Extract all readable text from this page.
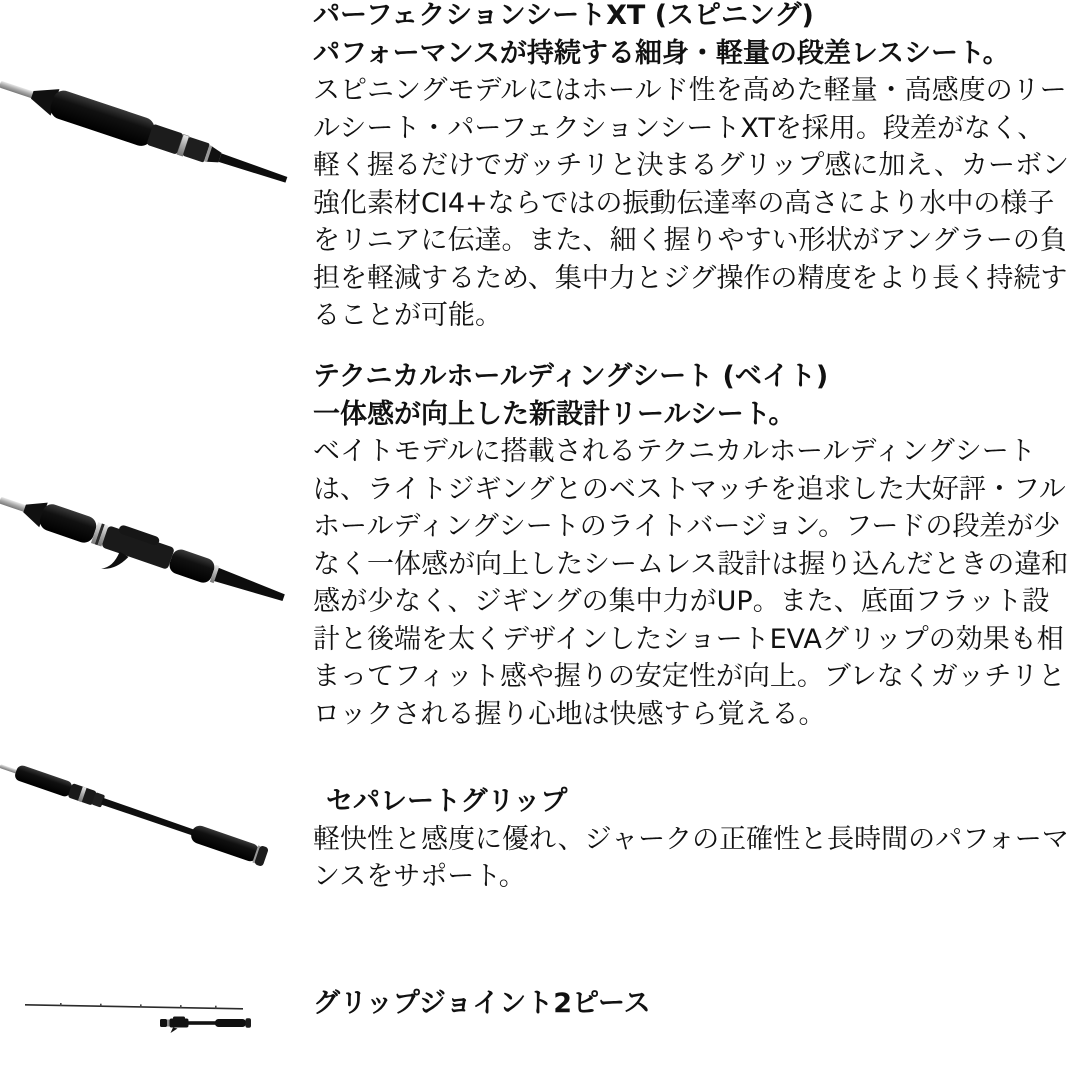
パーフェクションシートXT (スピニング)
パフォーマンスが持続する細身・軽量の段差レスシート。
スピニングモデルにはホールド性を高めた軽量・高感度のリールシート・パーフェクションシートXTを採用。段差がなく、軽く握るだけでガッチリと決まるグリップ感に加え、カーボン強化素材CI4+ならではの振動伝達率の高さにより水中の様子をリニアに伝達。また、細く握りやすい形状がアングラーの負担を軽減するため、集中力とジグ操作の精度をより長く持続することが可能。
テクニカルホールディングシート (ベイト)
一体感が向上した新設計リールシート。
ベイトモデルに搭載されるテクニカルホールディングシートは、ライトジギングとのベストマッチを追求した大好評・フルホールディングシートのライトバージョン。フードの段差が少なく一体感が向上したシームレス設計は握り込んだときの違和感が少なく、ジギングの集中力がUP。また、底面フラット設計と後端を太くデザインしたショートEVAグリップの効果も相まってフィット感や握りの安定性が向上。ブレなくガッチリとロックされる握り心地は快感すら覚える。
セパレートグリップ
軽快性と感度に優れ、ジャークの正確性と長時間のパフォーマンスをサポート。
グリップジョイント2ピース
